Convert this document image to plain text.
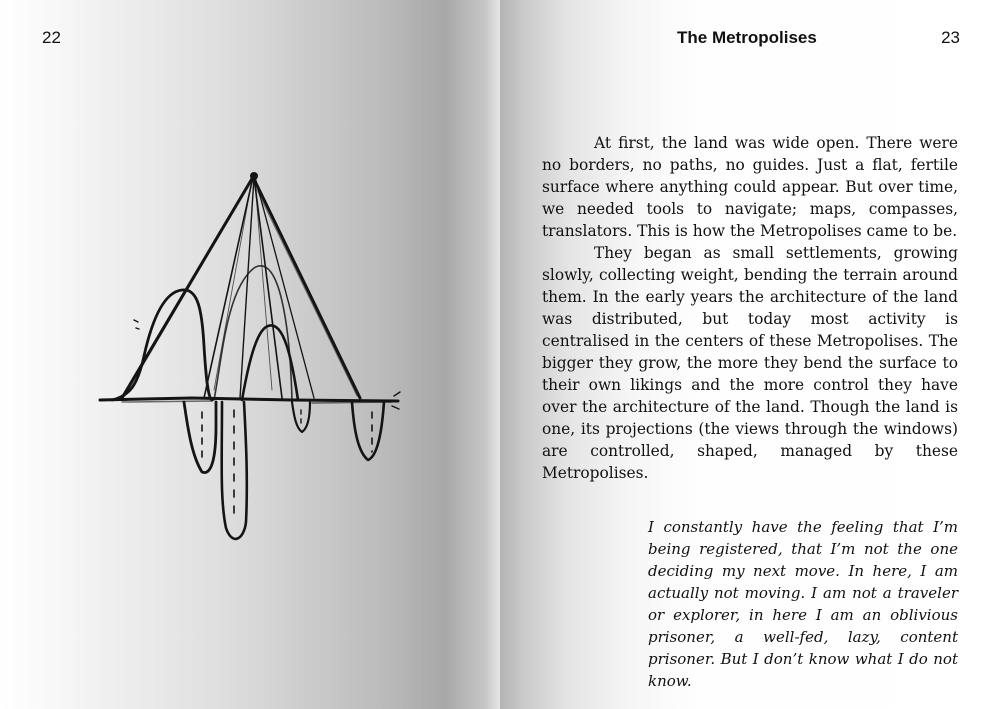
22	The Metropolises	23

At first, the land was wide open. There were no borders, no paths, no guides. Just a flat, fertile surface where anything could appear. But over time, we needed tools to navigate; maps, compasses, translators. This is how the Metropolises came to be.

They began as small settlements, growing slowly, collecting weight, bending the terrain around them. In the early years the architecture of the land was distributed, but today most activity is centralised in the centers of these Metropolises. The bigger they grow, the more they bend the surface to their own likings and the more control they have over the architecture of the land. Though the land is one, its projections (the views through the windows) are controlled, shaped, managed by these Metropolises.

I constantly have the feeling that I’m being registered, that I’m not the one deciding my next move. In here, I am actually not moving. I am not a traveler or explorer, in here I am an oblivious prisoner, a well-fed, lazy, content prisoner. But I don’t know what I do not know.
